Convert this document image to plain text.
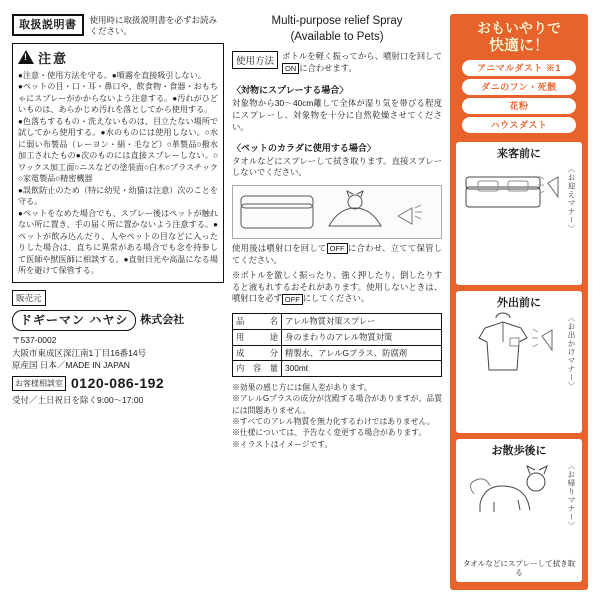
取扱説明書	使用時に取扱説明書を必ずお読みください。
!
注意

●注意・使用方法を守る。●噴霧を直接吸引しない。

●ペットの目・口・耳・鼻口や、飲食物・食器・おもちゃにスプレーがかからないよう注意する。●汚れがひどいものは、あらかじめ汚れを落としてから使用する。

●色落ちするもの・洗えないものは、目立たない場所で試してから使用する。●水のものには使用しない。○水に弱い布製品（レーヨン・絹・毛など）○革製品○撥水加工されたもの●次のものには直接スプレーしない。○ワックス加工面○ニスなどの塗装面○白木○プラスチック○家電製品○精密機器

●誤飲防止のため（特に幼児・幼猫は注意）次のことを守る。

●ペットをなめた場合でも、スプレー後はペットが触れない所に置き、手の届く所に置かないよう注意する。●ペットが飲み込んだり、人やペットの目などに入ったりした場合は、直ちに異常がある場合でも念を持参して医師や獣医師に相談する。●直射日光や高温になる場所を避けて保管する。

販売元
ドギーマン ハヤシ	株式会社

〒537-0002

大阪市東成区深江南1丁目16番14号

原産国 日本／MADE IN JAPAN

お客様相談室 0120-086-192

受付／土日祝日を除く9:00〜17:00

Multi-purpose relief Spray
(Available to Pets)
使用方法 ボトルを軽く振ってから、噴射口を回してON に合わせます。
〈対物にスプレーする場合〉

対象物から30〜40cm離して全体が湿り気を帯びる程度にスプレーし、対象物を十分に自然乾燥させてください。

〈ペットのカラダに使用する場合〉

タオルなどにスプレーして拭き取ります。直接スプレーしないでください。

使用後は噴射口を回して OFF に合わせ、立てて保管してください。

※ボトルを激しく振ったり、強く押したり、倒したりすると液もれするおそれがあります。使用しないときは、噴射口を必ず OFF にしてください。

品名	アレル物質対策スプレー
用途	身のまわりのアレル物質対策
成分	精製水、アレルGプラス、防腐剤
内容量	300mℓ

※効果の感じ方には個人差があります。

※アレルGプラスの成分が沈殿する場合がありますが、品質には問題ありません。

※すべてのアレル物質を無力化するわけではありません。

※仕様については、予告なく変更する場合があります。

※イラストはイメージです。

おもいやりで
快適に！
アニマルダスト ※1
ダニのフン・死骸
花粉
ハウスダスト
来客前に
〈お迎えマナー〉
外出前に
〈お出かけマナー〉
お散歩後に
〈お帰りマナー〉
タオルなどにスプレーして拭き取る
※1 被毛・フケ・だ液など
